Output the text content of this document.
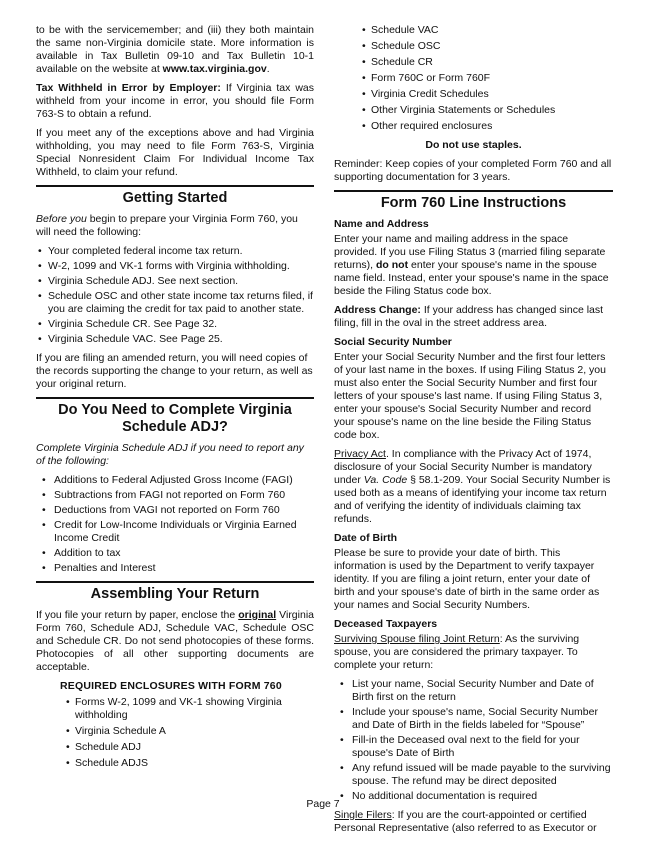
to be with the servicemember; and (iii) they both maintain the same non-Virginia domicile state. More information is available in Tax Bulletin 09-10 and Tax Bulletin 10-1 available on the website at www.tax.virginia.gov.

Tax Withheld in Error by Employer: If Virginia tax was withheld from your income in error, you should file Form 763-S to obtain a refund.

If you meet any of the exceptions above and had Virginia withholding, you may need to file Form 763-S, Virginia Special Nonresident Claim For Individual Income Tax Withheld, to claim your refund.

Getting Started

Before you begin to prepare your Virginia Form 760, you will need the following:

• Your completed federal income tax return.
• W-2, 1099 and VK-1 forms with Virginia withholding.
• Virginia Schedule ADJ. See next section.
• Schedule OSC and other state income tax returns filed, if you are claiming the credit for tax paid to another state.
• Virginia Schedule CR. See Page 32.
• Virginia Schedule VAC. See Page 25.

If you are filing an amended return, you will need copies of the records supporting the change to your return, as well as your original return.

Do You Need to Complete Virginia Schedule ADJ?

Complete Virginia Schedule ADJ if you need to report any of the following:

• Additions to Federal Adjusted Gross Income (FAGI)
• Subtractions from FAGI not reported on Form 760
• Deductions from VAGI not reported on Form 760
• Credit for Low-Income Individuals or Virginia Earned Income Credit
• Addition to tax
• Penalties and Interest
Assembling Your Return

If you file your return by paper, enclose the original Virginia Form 760, Schedule ADJ, Schedule VAC, Schedule OSC and Schedule CR. Do not send photocopies of these forms. Photocopies of all other supporting documents are acceptable.

REQUIRED ENCLOSURES WITH FORM 760
• Forms W-2, 1099 and VK-1 showing Virginia withholding
• Virginia Schedule A
• Schedule ADJ
• Schedule ADJS
• Schedule VAC
• Schedule OSC
• Schedule CR
• Form 760C or Form 760F
• Virginia Credit Schedules
• Other Virginia Statements or Schedules
• Other required enclosures

Do not use staples.

Reminder: Keep copies of your completed Form 760 and all supporting documentation for 3 years.

Form 760 Line Instructions
Name and Address

Enter your name and mailing address in the space provided. If you use Filing Status 3 (married filing separate returns), do not enter your spouse's name in the spouse name field. Instead, enter your spouse's name in the space beside the Filing Status code box.

Address Change: If your address has changed since last filing, fill in the oval in the street address area.

Social Security Number

Enter your Social Security Number and the first four letters of your last name in the boxes. If using Filing Status 2, you must also enter the Social Security Number and first four letters of your spouse's last name. If using Filing Status 3, enter your spouse's Social Security Number and record your spouse's name on the line beside the Filing Status code box.

Privacy Act. In compliance with the Privacy Act of 1974, disclosure of your Social Security Number is mandatory under Va. Code § 58.1-209. Your Social Security Number is used both as a means of identifying your income tax return and of verifying the identity of individuals claiming tax refunds.

Date of Birth

Please be sure to provide your date of birth. This information is used by the Department to verify taxpayer identity. If you are filing a joint return, enter your date of birth and your spouse's date of birth in the same order as your names and Social Security Numbers.

Deceased Taxpayers

Surviving Spouse filing Joint Return: As the surviving spouse, you are considered the primary taxpayer. To complete your return:

• List your name, Social Security Number and Date of Birth first on the return
• Include your spouse's name, Social Security Number and Date of Birth in the fields labeled for “Spouse”
• Fill-in the Deceased oval next to the field for your spouse's Date of Birth
• Any refund issued will be made payable to the surviving spouse. The refund may be direct deposited
• No additional documentation is required

Single Filers: If you are the court-appointed or certified Personal Representative (also referred to as Executor or

Page 7
